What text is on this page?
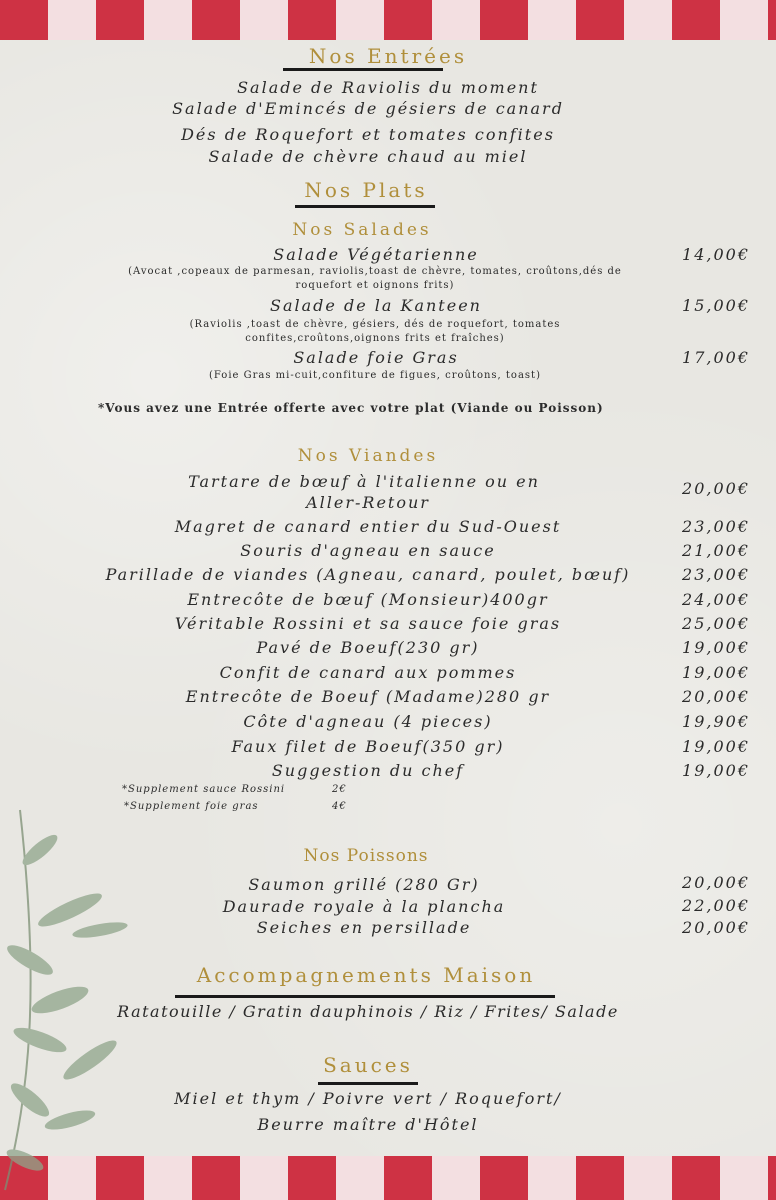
Nos Entrées
Salade de Raviolis du moment
Salade d'Emincés de gésiers de canard
Dés de Roquefort et tomates confites
Salade de chèvre chaud au miel
Nos Plats
Nos Salades
Salade Végétarienne	14,00€
(Avocat ,copeaux de parmesan, raviolis,toast de chèvre, tomates, croûtons,dés de roquefort et oignons frits)
Salade de la Kanteen	15,00€
(Raviolis ,toast de chèvre, gésiers, dés de roquefort, tomates confites,croûtons,oignons frits et fraîches)
Salade foie Gras	17,00€
(Foie Gras mi-cuit,confiture de figues, croûtons, toast)
*Vous avez une Entrée offerte avec votre plat (Viande ou Poisson)
Nos Viandes
Tartare de bœuf à l'italienne ou en
Aller-Retour
20,00€
Magret de canard entier du Sud-Ouest	23,00€
Souris d'agneau en sauce	21,00€
Parillade de viandes (Agneau, canard, poulet, bœuf)	23,00€
Entrecôte de bœuf (Monsieur)400gr	24,00€
Véritable Rossini et sa sauce foie gras	25,00€
Pavé de Boeuf(230 gr)	19,00€
Confit de canard aux pommes	19,00€
Entrecôte de Boeuf (Madame)280 gr	20,00€
Côte d'agneau (4 pieces)	19,90€
Faux filet de Boeuf(350 gr)	19,00€
Suggestion du chef	19,00€
*Supplement sauce Rossini	2€
*Supplement foie gras	4€
Nos Poissons
Saumon grillé (280 Gr)	20,00€
Daurade royale à la plancha	22,00€
Seiches en persillade	20,00€
Accompagnements Maison
Ratatouille / Gratin dauphinois / Riz / Frites/ Salade
Sauces
Miel et thym / Poivre vert / Roquefort/
Beurre maître d'Hôtel
